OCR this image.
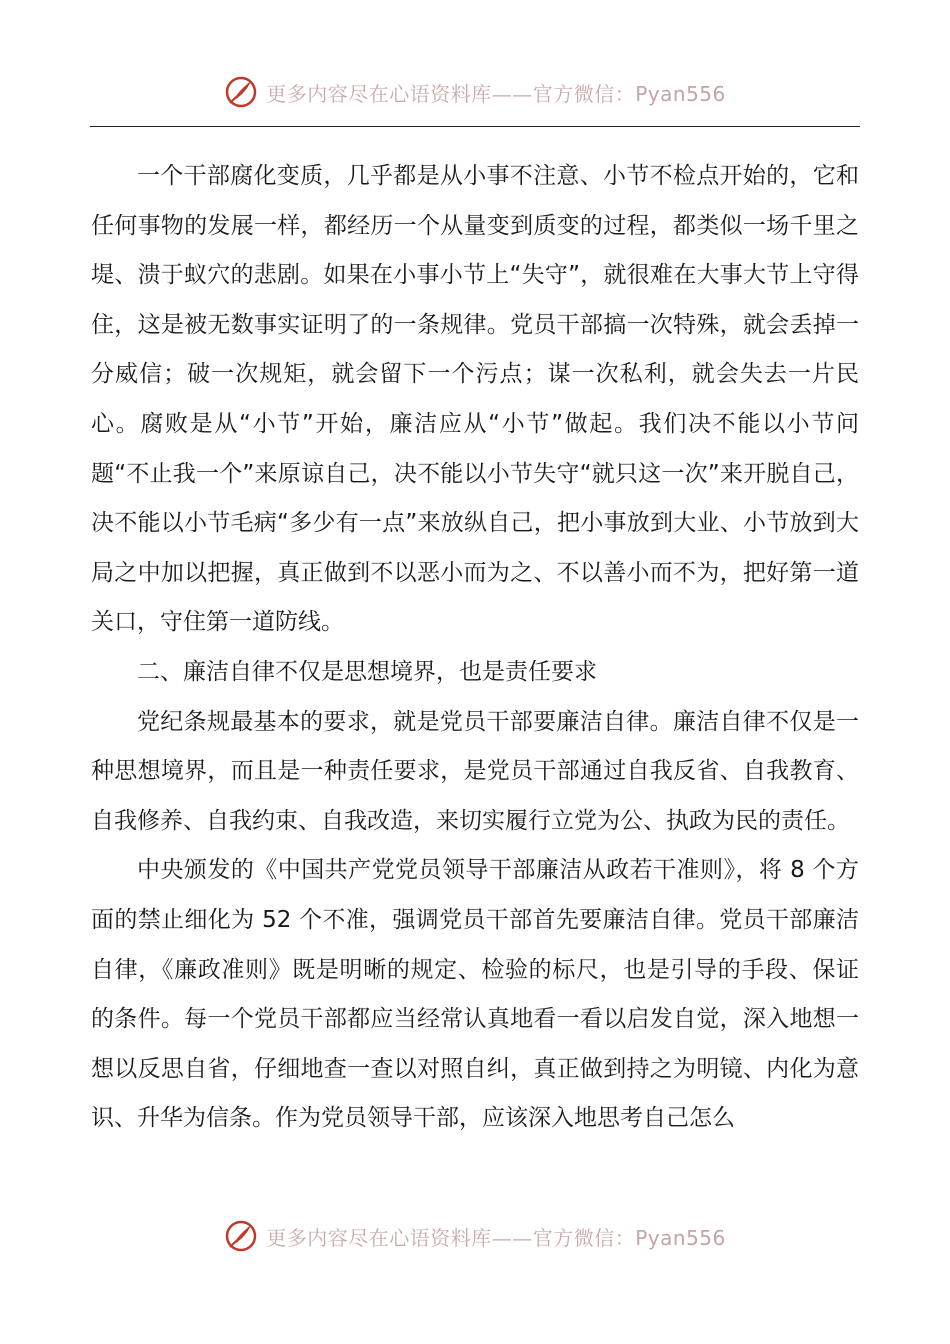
更多内容尽在心语资料库——官方微信：Pyan556

一个干部腐化变质，几乎都是从小事不注意、小节不检点开始的，它和任何事物的发展一样，都经历一个从量变到质变的过程，都类似一场千里之堤、溃于蚁穴的悲剧。如果在小事小节上“失守”，就很难在大事大节上守得住，这是被无数事实证明了的一条规律。党员干部搞一次特殊，就会丢掉一分威信；破一次规矩，就会留下一个污点；谋一次私利，就会失去一片民心。腐败是从“小节”开始，廉洁应从“小节”做起。我们决不能以小节问题“不止我一个”来原谅自己，决不能以小节失守“就只这一次”来开脱自己，决不能以小节毛病“多少有一点”来放纵自己，把小事放到大业、小节放到大局之中加以把握，真正做到不以恶小而为之、不以善小而不为，把好第一道关口，守住第一道防线。

二、廉洁自律不仅是思想境界，也是责任要求

党纪条规最基本的要求，就是党员干部要廉洁自律。廉洁自律不仅是一种思想境界，而且是一种责任要求，是党员干部通过自我反省、自我教育、自我修养、自我约束、自我改造，来切实履行立党为公、执政为民的责任。

中央颁发的《中国共产党党员领导干部廉洁从政若干准则》，将 8 个方面的禁止细化为 52 个不准，强调党员干部首先要廉洁自律。党员干部廉洁自律，《廉政准则》既是明晰的规定、检验的标尺，也是引导的手段、保证的条件。每一个党员干部都应当经常认真地看一看以启发自觉，深入地想一想以反思自省，仔细地查一查以对照自纠，真正做到持之为明镜、内化为意识、升华为信条。作为党员领导干部，应该深入地思考自己怎么

更多内容尽在心语资料库——官方微信：Pyan556
